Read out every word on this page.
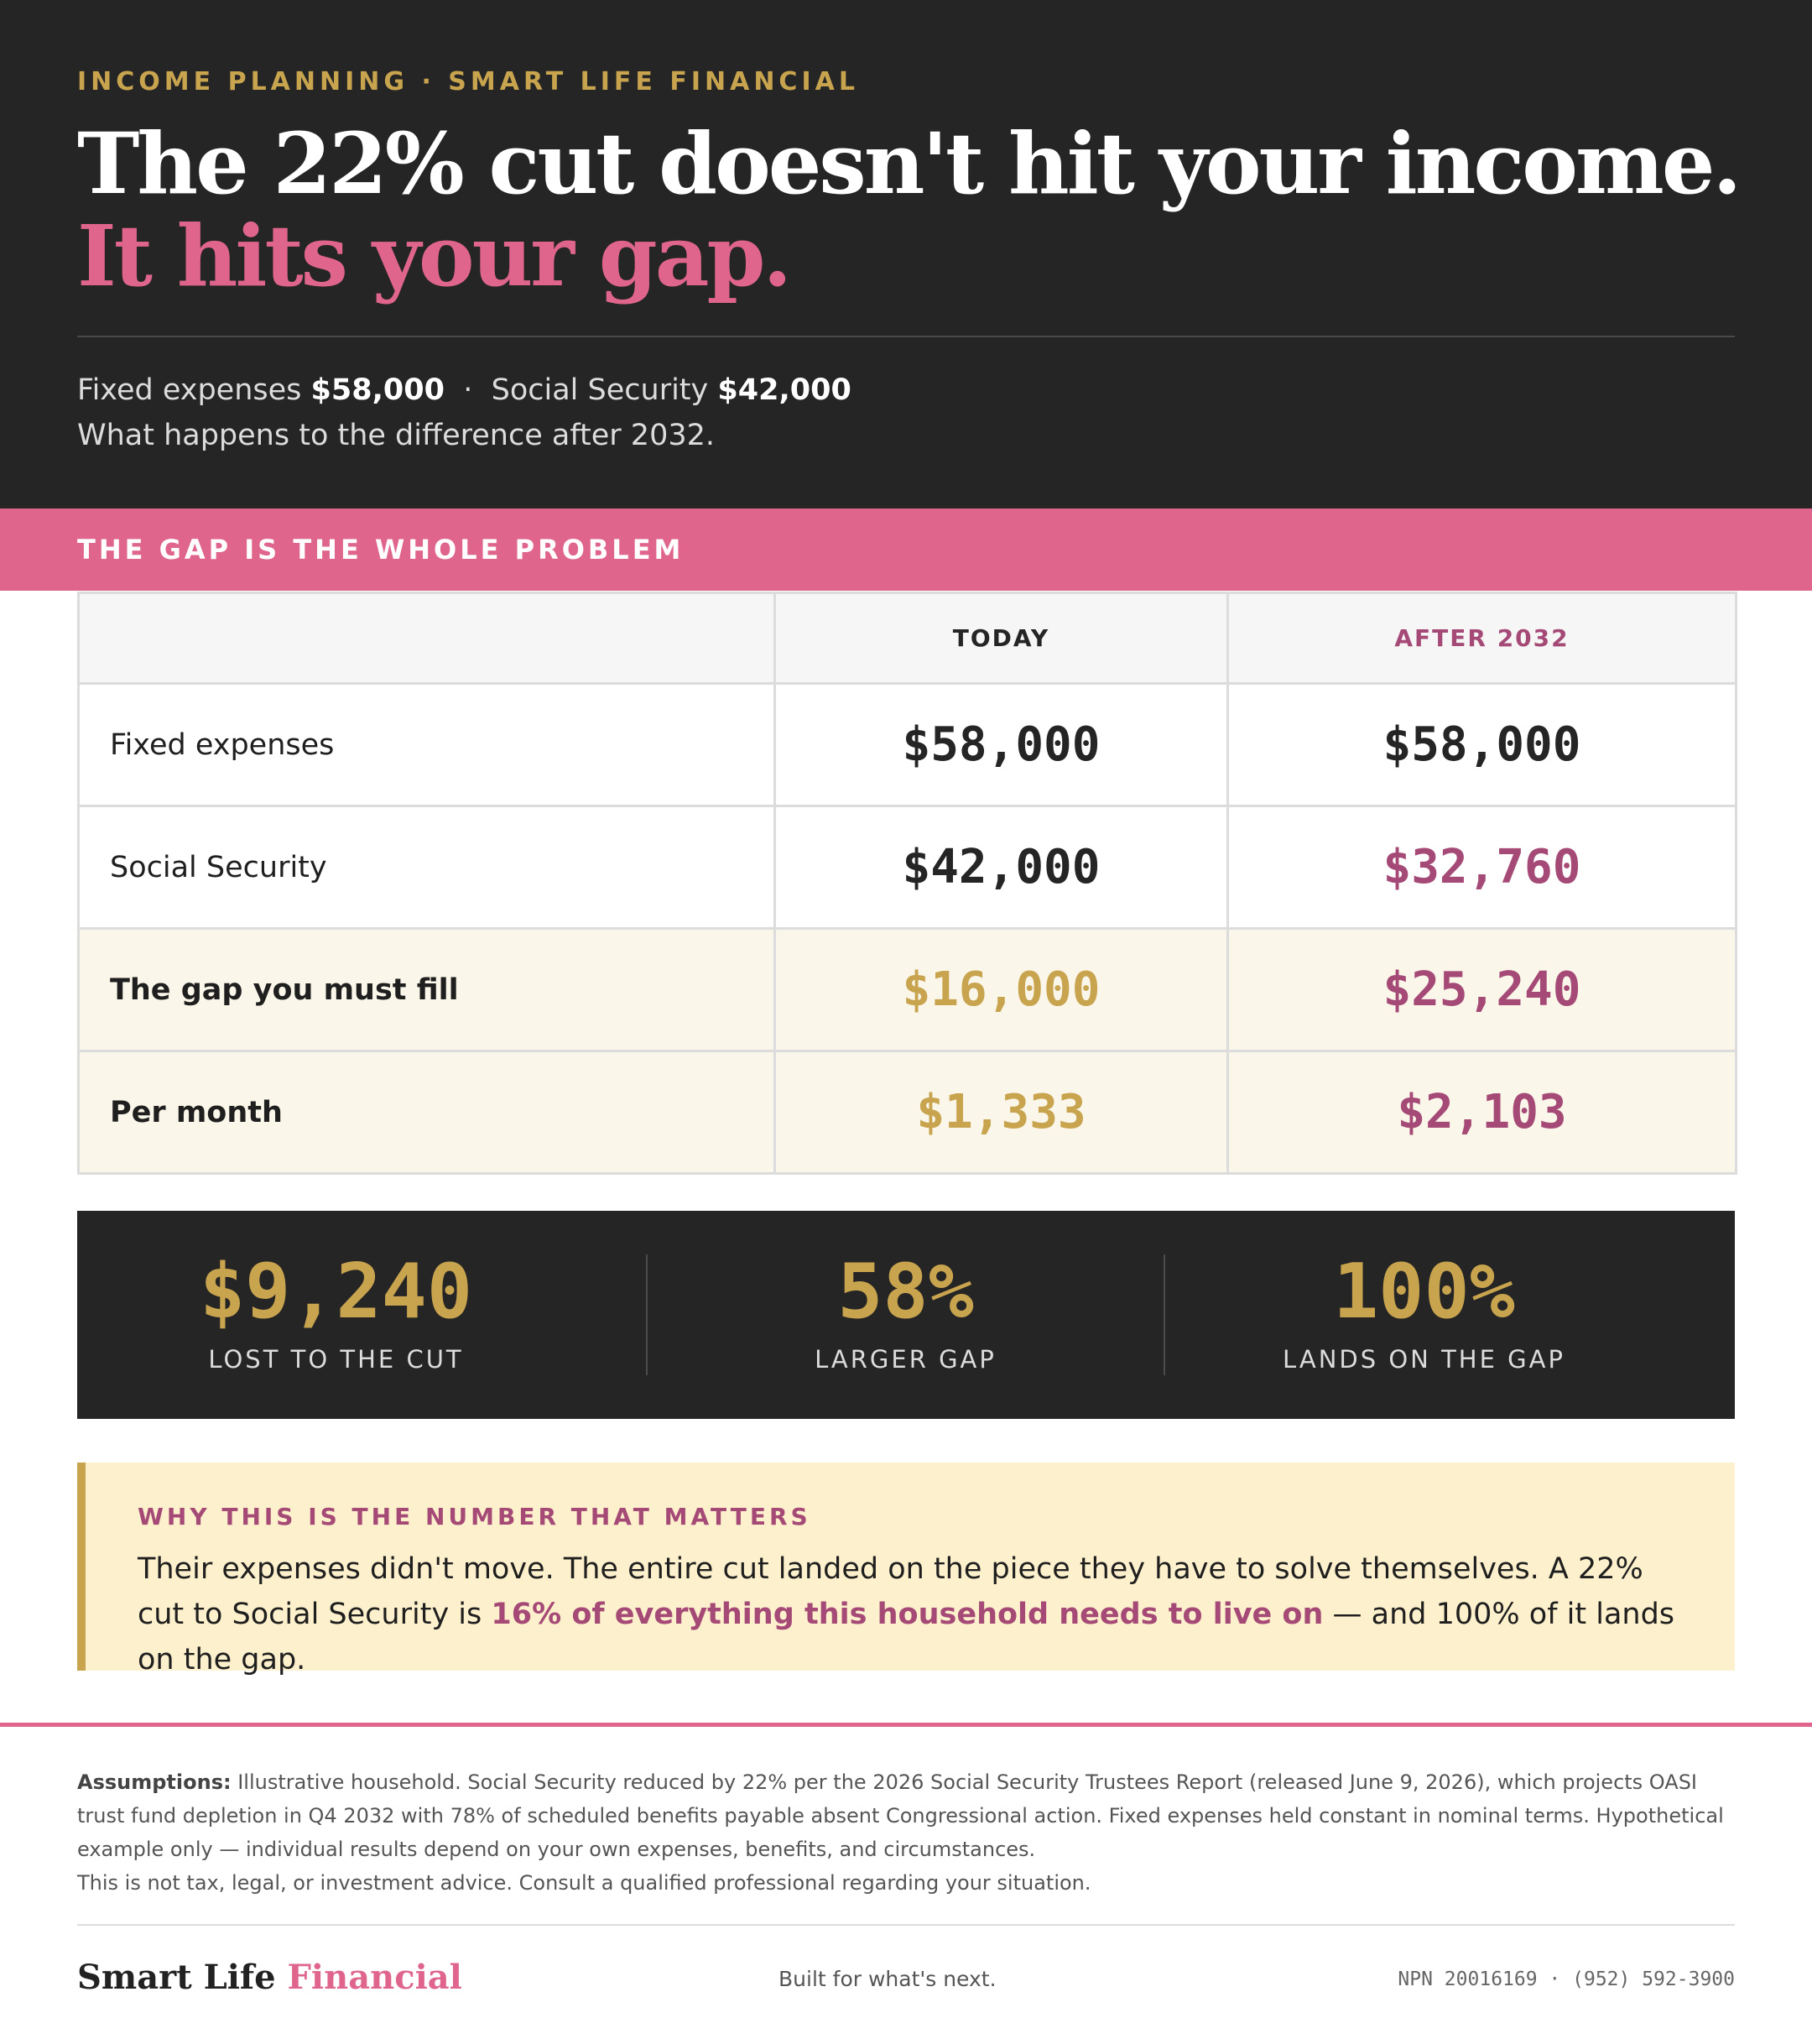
INCOME PLANNING · SMART LIFE FINANCIAL
The 22% cut doesn't hit your income.
It hits your gap.
Fixed expenses $58,000 · Social Security $42,000
What happens to the difference after 2032.
THE GAP IS THE WHOLE PROBLEM
	TODAY	AFTER 2032
Fixed expenses	$58,000	$58,000
Social Security	$42,000	$32,760
The gap you must fill	$16,000	$25,240
Per month	$1,333	$2,103
$9,240
LOST TO THE CUT
58%
LARGER GAP
100%
LANDS ON THE GAP
WHY THIS IS THE NUMBER THAT MATTERS

Their expenses didn't move. The entire cut landed on the piece they have to solve themselves. A 22% cut to Social Security is 16% of everything this household needs to live on — and 100% of it lands on the gap.

Assumptions: Illustrative household. Social Security reduced by 22% per the 2026 Social Security Trustees Report (released June 9, 2026), which projects OASI trust fund depletion in Q4 2032 with 78% of scheduled benefits payable absent Congressional action. Fixed expenses held constant in nominal terms. Hypothetical example only — individual results depend on your own expenses, benefits, and circumstances.

This is not tax, legal, or investment advice. Consult a qualified professional regarding your situation.

Smart Life Financial	Built for what's next.	NPN 20016169 · (952) 592-3900
